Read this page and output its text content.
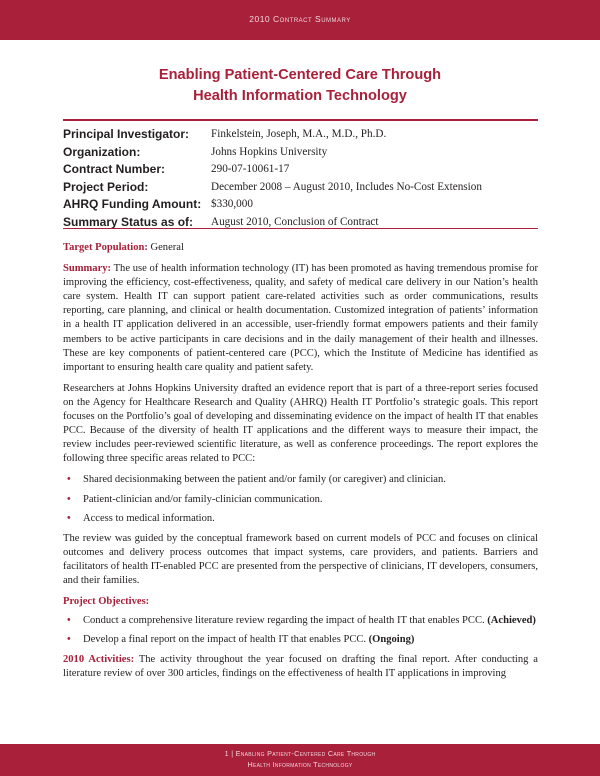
2010 Contract Summary
Enabling Patient-Centered Care Through
Health Information Technology
Principal Investigator: Finkelstein, Joseph, M.A., M.D., Ph.D.
Organization:	Johns Hopkins University
Contract Number:	290-07-10061-17
Project Period:	December 2008 – August 2010, Includes No-Cost Extension
AHRQ Funding Amount: $330,000
Summary Status as of: August 2010, Conclusion of Contract

Target Population: General

Summary: The use of health information technology (IT) has been promoted as having tremendous promise for improving the efficiency, cost-effectiveness, quality, and safety of medical care delivery in our Nation’s health care system. Health IT can support patient care-related activities such as order communications, results reporting, care planning, and clinical or health documentation. Customized integration of patients’ information in a health IT application delivered in an accessible, user-friendly format empowers patients and their family members to be active participants in care decisions and in the daily management of their health and illnesses. These are key components of patient-centered care (PCC), which the Institute of Medicine has identified as important to ensuring health care quality and patient safety.

Researchers at Johns Hopkins University drafted an evidence report that is part of a three-report series focused on the Agency for Healthcare Research and Quality (AHRQ) Health IT Portfolio’s strategic goals. This report focuses on the Portfolio’s goal of developing and disseminating evidence on the impact of health IT that enables PCC. Because of the diversity of health IT applications and the different ways to measure their impact, the review includes peer-reviewed scientific literature, as well as conference proceedings. The report explores the following three specific areas related to PCC:

• Shared decisionmaking between the patient and/or family (or caregiver) and clinician.
• Patient-clinician and/or family-clinician communication.
• Access to medical information.

The review was guided by the conceptual framework based on current models of PCC and focuses on clinical outcomes and delivery process outcomes that impact systems, care providers, and patients. Barriers and facilitators of health IT-enabled PCC are presented from the perspective of clinicians, IT developers, consumers, and their families.

Project Objectives:

• Conduct a comprehensive literature review regarding the impact of health IT that enables PCC. (Achieved)
• Develop a final report on the impact of health IT that enables PCC. (Ongoing)

2010 Activities: The activity throughout the year focused on drafting the final report. After conducting a literature review of over 300 articles, findings on the effectiveness of health IT applications in improving

1 | Enabling Patient-Centered Care Through
Health Information Technology
